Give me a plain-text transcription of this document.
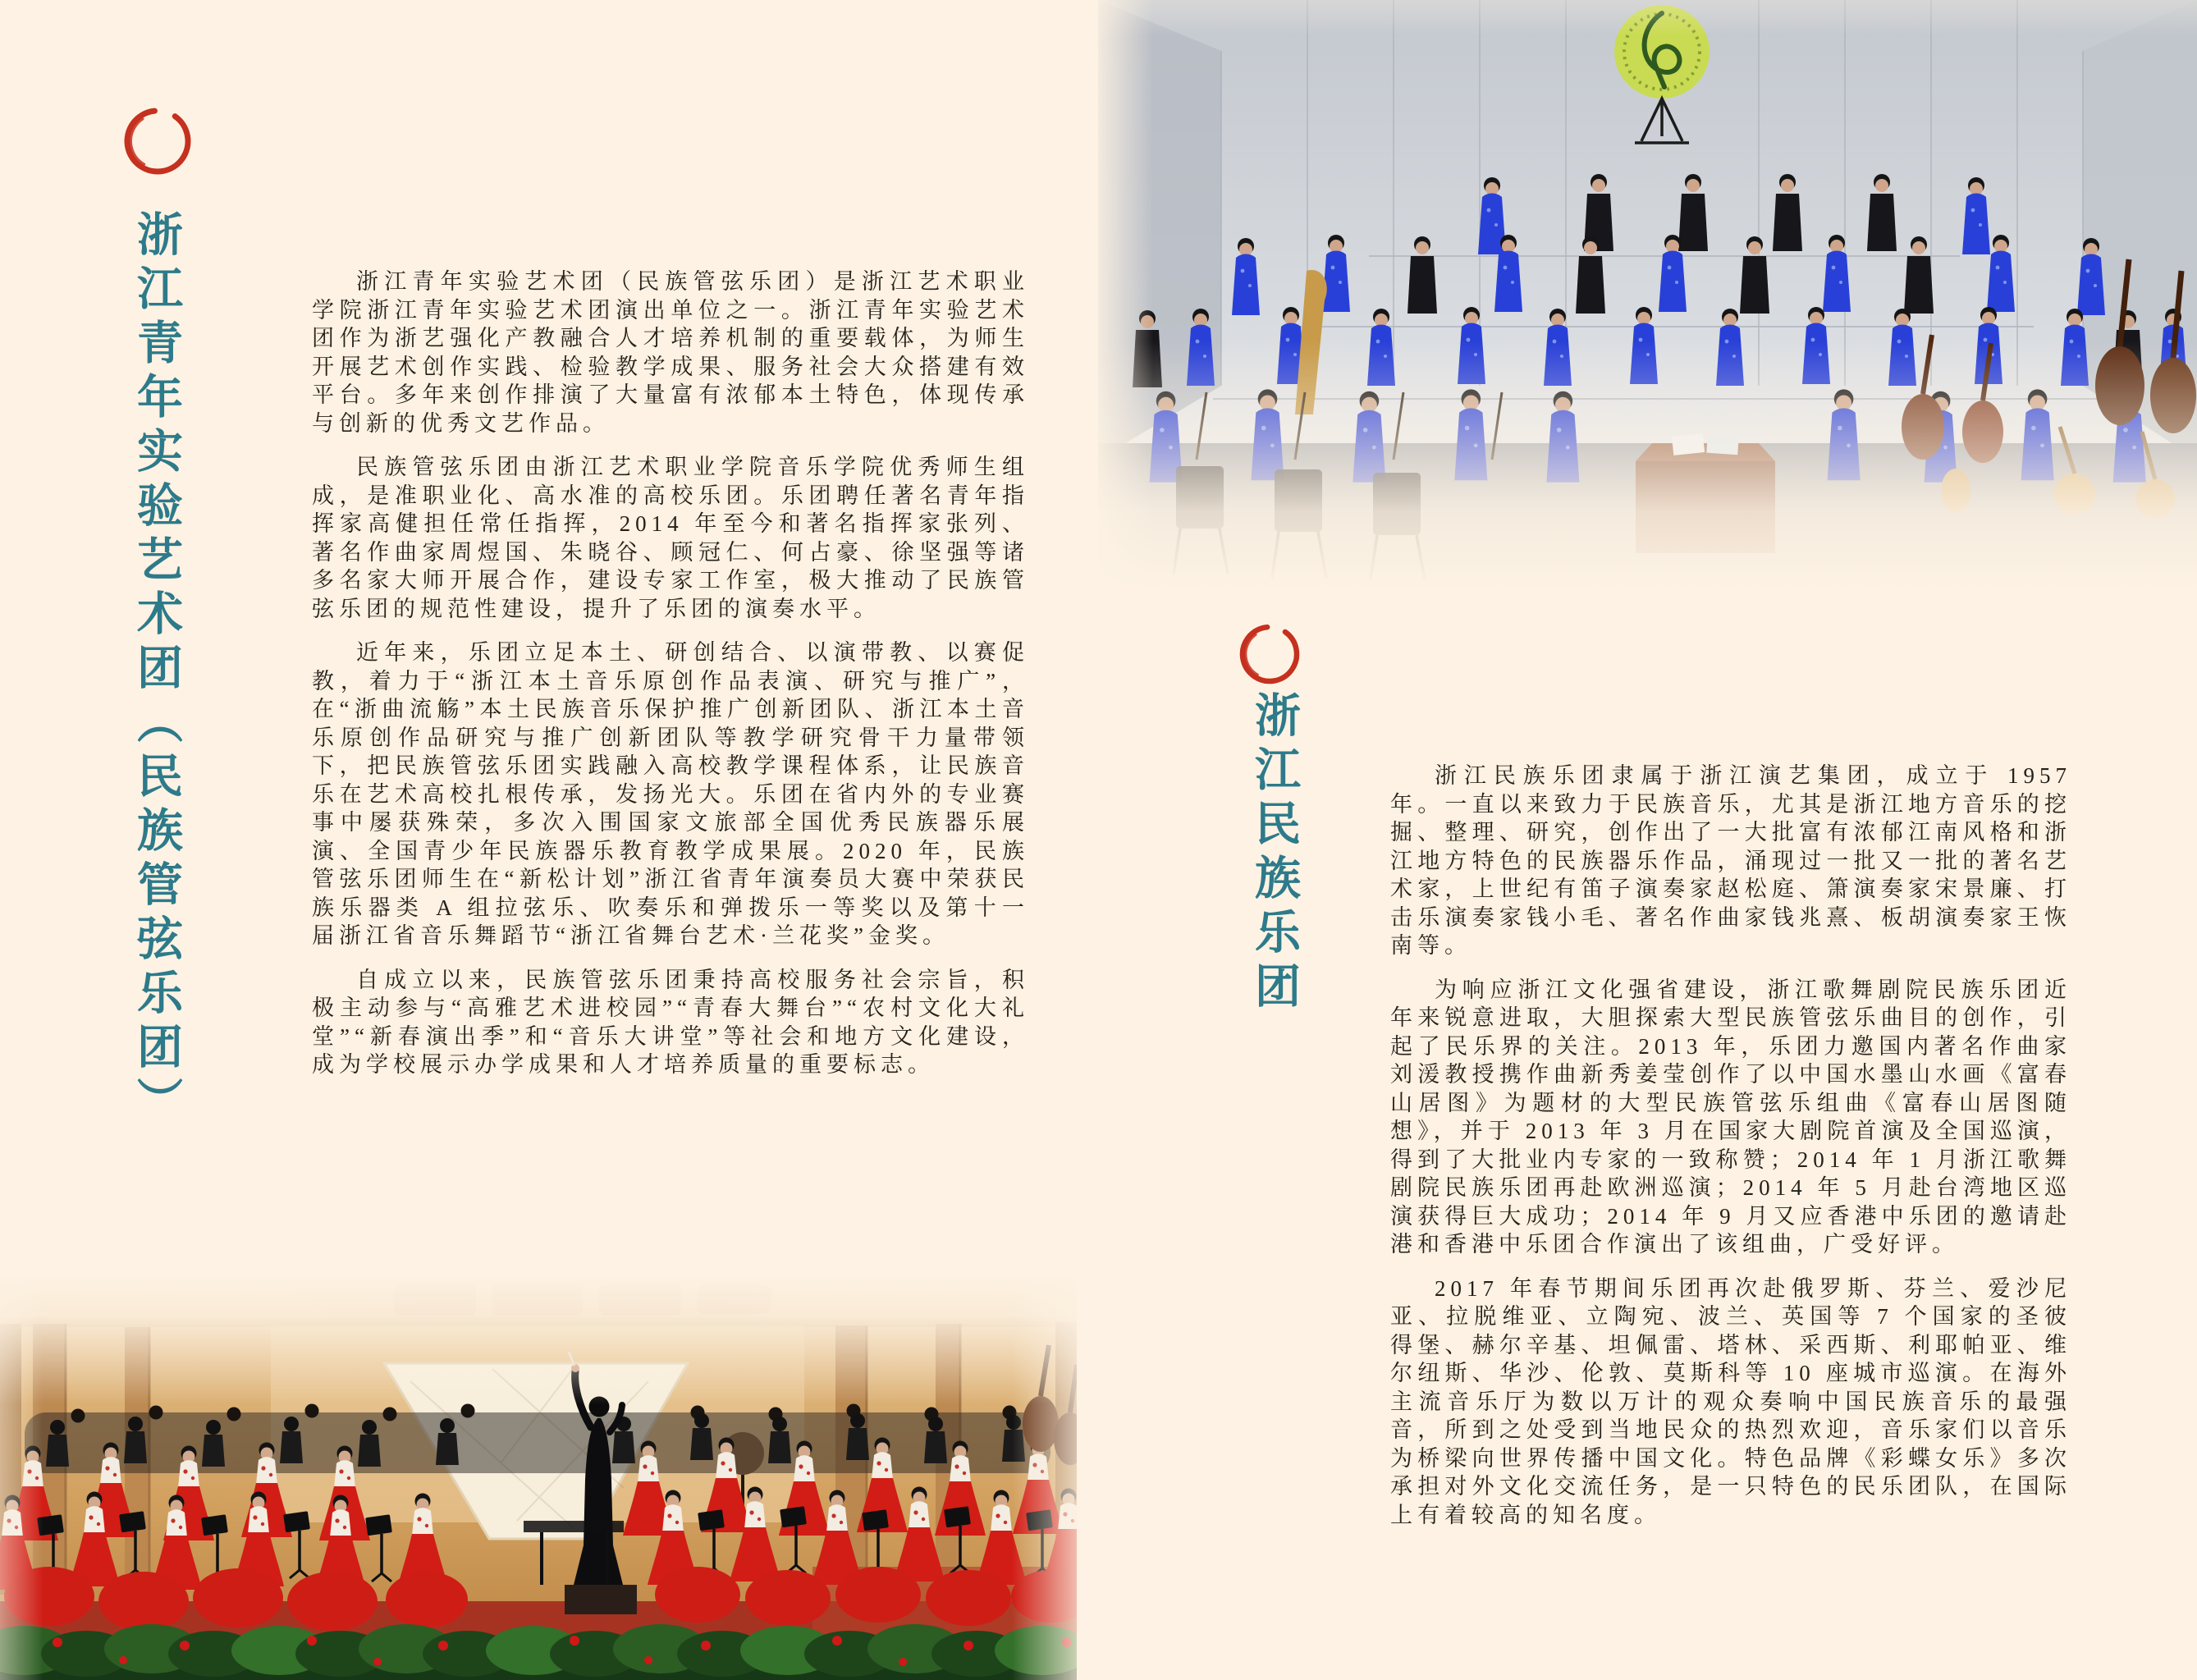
浙江青年实验艺术团（民族管弦乐团）	浙江青年实验艺术团（民族管弦乐团）是浙江艺术职业学院浙江青年实验艺术团演出单位之一。浙江青年实验艺术团作为浙艺强化产教融合人才培养机制的重要载体，为师生开展艺术创作实践、检验教学成果、服务社会大众搭建有效平台。多年来创作排演了大量富有浓郁本土特色，体现传承与创新的优秀文艺作品。

民族管弦乐团由浙江艺术职业学院音乐学院优秀师生组成，是准职业化、高水准的高校乐团。乐团聘任著名青年指挥家高健担任常任指挥，2014 年至今和著名指挥家张列、著名作曲家周煜国、朱晓谷、顾冠仁、何占豪、徐坚强等诸多名家大师开展合作，建设专家工作室，极大推动了民族管弦乐团的规范性建设，提升了乐团的演奏水平。

近年来，乐团立足本土、研创结合、以演带教、以赛促教，着力于“浙江本土音乐原创作品表演、研究与推广”，在“浙曲流觞”本土民族音乐保护推广创新团队、浙江本土音乐原创作品研究与推广创新团队等教学研究骨干力量带领下，把民族管弦乐团实践融入高校教学课程体系，让民族音乐在艺术高校扎根传承，发扬光大。乐团在省内外的专业赛事中屡获殊荣，多次入围国家文旅部全国优秀民族器乐展演、全国青少年民族器乐教育教学成果展。2020 年，民族管弦乐团师生在“新松计划”浙江省青年演奏员大赛中荣获民族乐器类 A 组拉弦乐、吹奏乐和弹拨乐一等奖以及第十一届浙江省音乐舞蹈节“浙江省舞台艺术·兰花奖”金奖。

自成立以来，民族管弦乐团秉持高校服务社会宗旨，积极主动参与“高雅艺术进校园”“青春大舞台”“农村文化大礼堂”“新春演出季”和“音乐大讲堂”等社会和地方文化建设，成为学校展示办学成果和人才培养质量的重要标志。

浙江民族乐团	浙江民族乐团隶属于浙江演艺集团，成立于 1957 年。一直以来致力于民族音乐，尤其是浙江地方音乐的挖掘、整理、研究，创作出了一大批富有浓郁江南风格和浙江地方特色的民族器乐作品，涌现过一批又一批的著名艺术家，上世纪有笛子演奏家赵松庭、箫演奏家宋景廉、打击乐演奏家钱小毛、著名作曲家钱兆熹、板胡演奏家王恢南等。

为响应浙江文化强省建设，浙江歌舞剧院民族乐团近年来锐意进取，大胆探索大型民族管弦乐曲目的创作，引起了民乐界的关注。2013 年，乐团力邀国内著名作曲家刘湲教授携作曲新秀姜莹创作了以中国水墨山水画《富春山居图》为题材的大型民族管弦乐组曲《富春山居图随想》，并于 2013 年 3 月在国家大剧院首演及全国巡演，得到了大批业内专家的一致称赞；2014 年 1 月浙江歌舞剧院民族乐团再赴欧洲巡演；2014 年 5 月赴台湾地区巡演获得巨大成功；2014 年 9 月又应香港中乐团的邀请赴港和香港中乐团合作演出了该组曲，广受好评。

2017 年春节期间乐团再次赴俄罗斯、芬兰、爱沙尼亚、拉脱维亚、立陶宛、波兰、英国等 7 个国家的圣彼得堡、赫尔辛基、坦佩雷、塔林、采西斯、利耶帕亚、维尔纽斯、华沙、伦敦、莫斯科等 10 座城市巡演。在海外主流音乐厅为数以万计的观众奏响中国民族音乐的最强音，所到之处受到当地民众的热烈欢迎，音乐家们以音乐为桥梁向世界传播中国文化。特色品牌《彩蝶女乐》多次承担对外文化交流任务，是一只特色的民乐团队，在国际上有着较高的知名度。
